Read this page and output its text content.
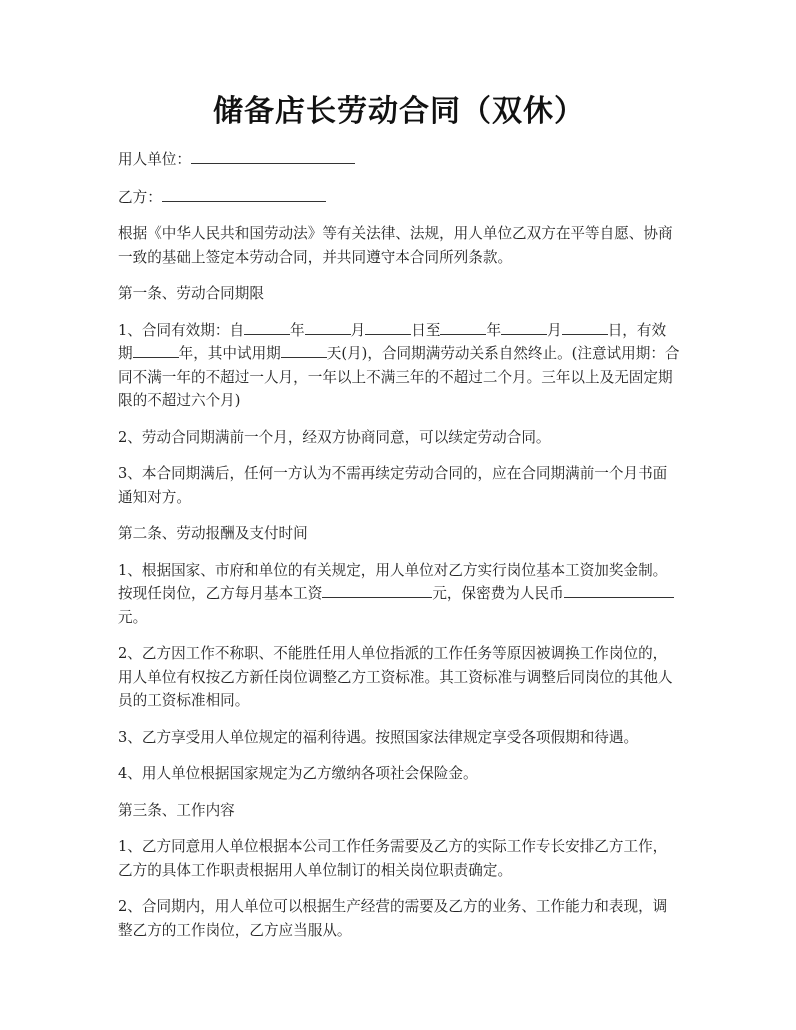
储备店长劳动合同（双休）

用人单位：

乙方：

根据《中华人民共和国劳动法》等有关法律、法规，用人单位乙双方在平等自愿、协商一致的基础上签定本劳动合同，并共同遵守本合同所列条款。

第一条、劳动合同期限

1、合同有效期：自	年	月	日至	年	月	日，有效期	年，其中试用期	天(月)，合同期满劳动关系自然终止。(注意试用期：合同不满一年的不超过一人月，一年以上不满三年的不超过二个月。三年以上及无固定期限的不超过六个月)

2、劳动合同期满前一个月，经双方协商同意，可以续定劳动合同。

3、本合同期满后，任何一方认为不需再续定劳动合同的，应在合同期满前一个月书面通知对方。

第二条、劳动报酬及支付时间

1、根据国家、市府和单位的有关规定，用人单位对乙方实行岗位基本工资加奖金制。按现任岗位，乙方每月基本工资	元，保密费为人民币元。

2、乙方因工作不称职、不能胜任用人单位指派的工作任务等原因被调换工作岗位的，用人单位有权按乙方新任岗位调整乙方工资标准。其工资标准与调整后同岗位的其他人员的工资标准相同。

3、乙方享受用人单位规定的福利待遇。按照国家法律规定享受各项假期和待遇。

4、用人单位根据国家规定为乙方缴纳各项社会保险金。

第三条、工作内容

1、乙方同意用人单位根据本公司工作任务需要及乙方的实际工作专长安排乙方工作，乙方的具体工作职责根据用人单位制订的相关岗位职责确定。

2、合同期内，用人单位可以根据生产经营的需要及乙方的业务、工作能力和表现，调整乙方的工作岗位，乙方应当服从。
